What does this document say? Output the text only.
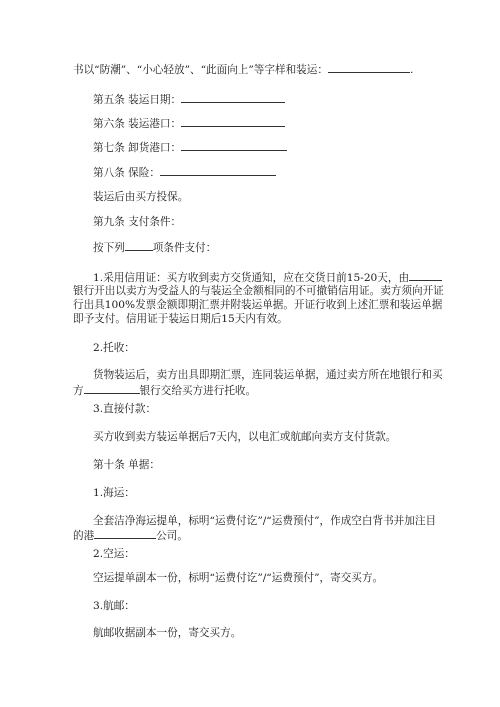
书以“防潮”、“小心轻放”、“此面向上”等字样和装运：	.
第五条 装运日期：
第六条 装运港口：
第七条 卸货港口：
第八条 保险：
装运后由买方投保。
第九条 支付条件：
按下列	项条件支付：
1.采用信用证：买方收到卖方交货通知，应在交货日前15-20天，由
银行开出以卖方为受益人的与装运全金额相同的不可撤销信用证。卖方须向开证
行出具100%发票金额即期汇票并附装运单据。开证行收到上述汇票和装运单据
即予支付。信用证于装运日期后15天内有效。
2.托收：
货物装运后，卖方出具即期汇票，连同装运单据，通过卖方所在地银行和买
方	银行交给买方进行托收。
3.直接付款：
买方收到卖方装运单据后7天内，以电汇或航邮向卖方支付货款。
第十条 单据：
1.海运：
全套洁净海运提单，标明“运费付讫”/“运费预付”，作成空白背书并加注目
的港	公司。
2.空运：
空运提单副本一份，标明“运费付讫”/“运费预付”，寄交买方。
3.航邮：
航邮收据副本一份，寄交买方。
